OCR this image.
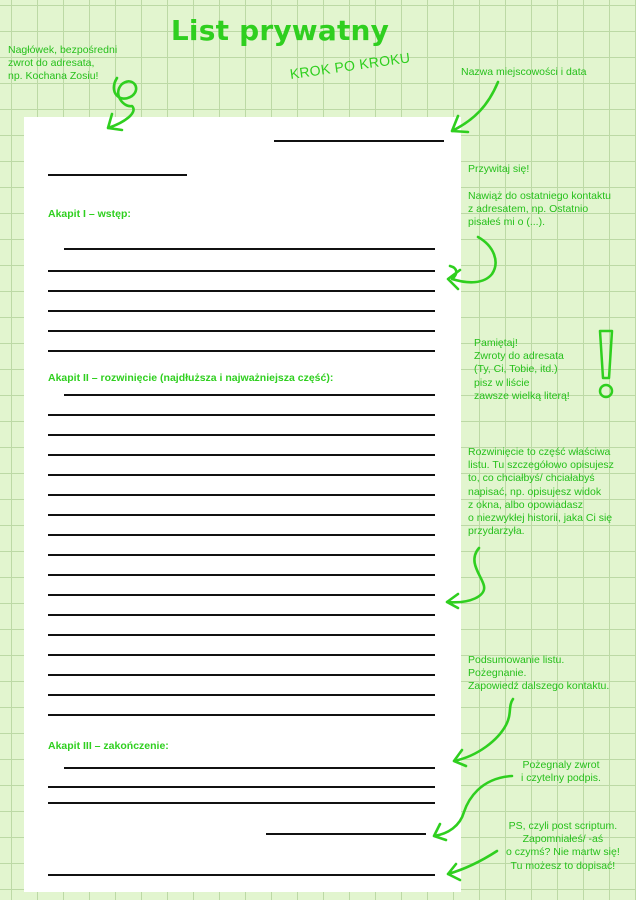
List prywatny
KROK PO KROKU
Nagłówek, bezpośredni
zwrot do adresata,
np. Kochana Zosiu!	Nazwa miejscowości i data
Akapit I – wstęp:
Akapit II – rozwinięcie (najdłuższa i najważniejsza część):
Akapit III – zakończenie:
Przywitaj się!
Nawiąż do ostatniego kontaktu
z adresatem, np. Ostatnio
pisałeś mi o (...).
Pamiętaj!
Zwroty do adresata
(Ty, Ci, Tobie, itd.)
pisz w liście
zawsze wielką literą!
Rozwinięcie to część właściwa
listu. Tu szczegółowo opisujesz
to, co chciałbyś/ chciałabyś
napisać, np. opisujesz widok
z okna, albo opowiadasz
o niezwykłej historii, jaka Ci się
przydarzyła.
Podsumowanie listu.
Pożegnanie.
Zapowiedź dalszego kontaktu.
Pożegnaly zwrot
i czytelny podpis.
PS, czyli post scriptum.
Zapomniałeś/ -aś
o czymś? Nie martw się!
Tu możesz to dopisać!
